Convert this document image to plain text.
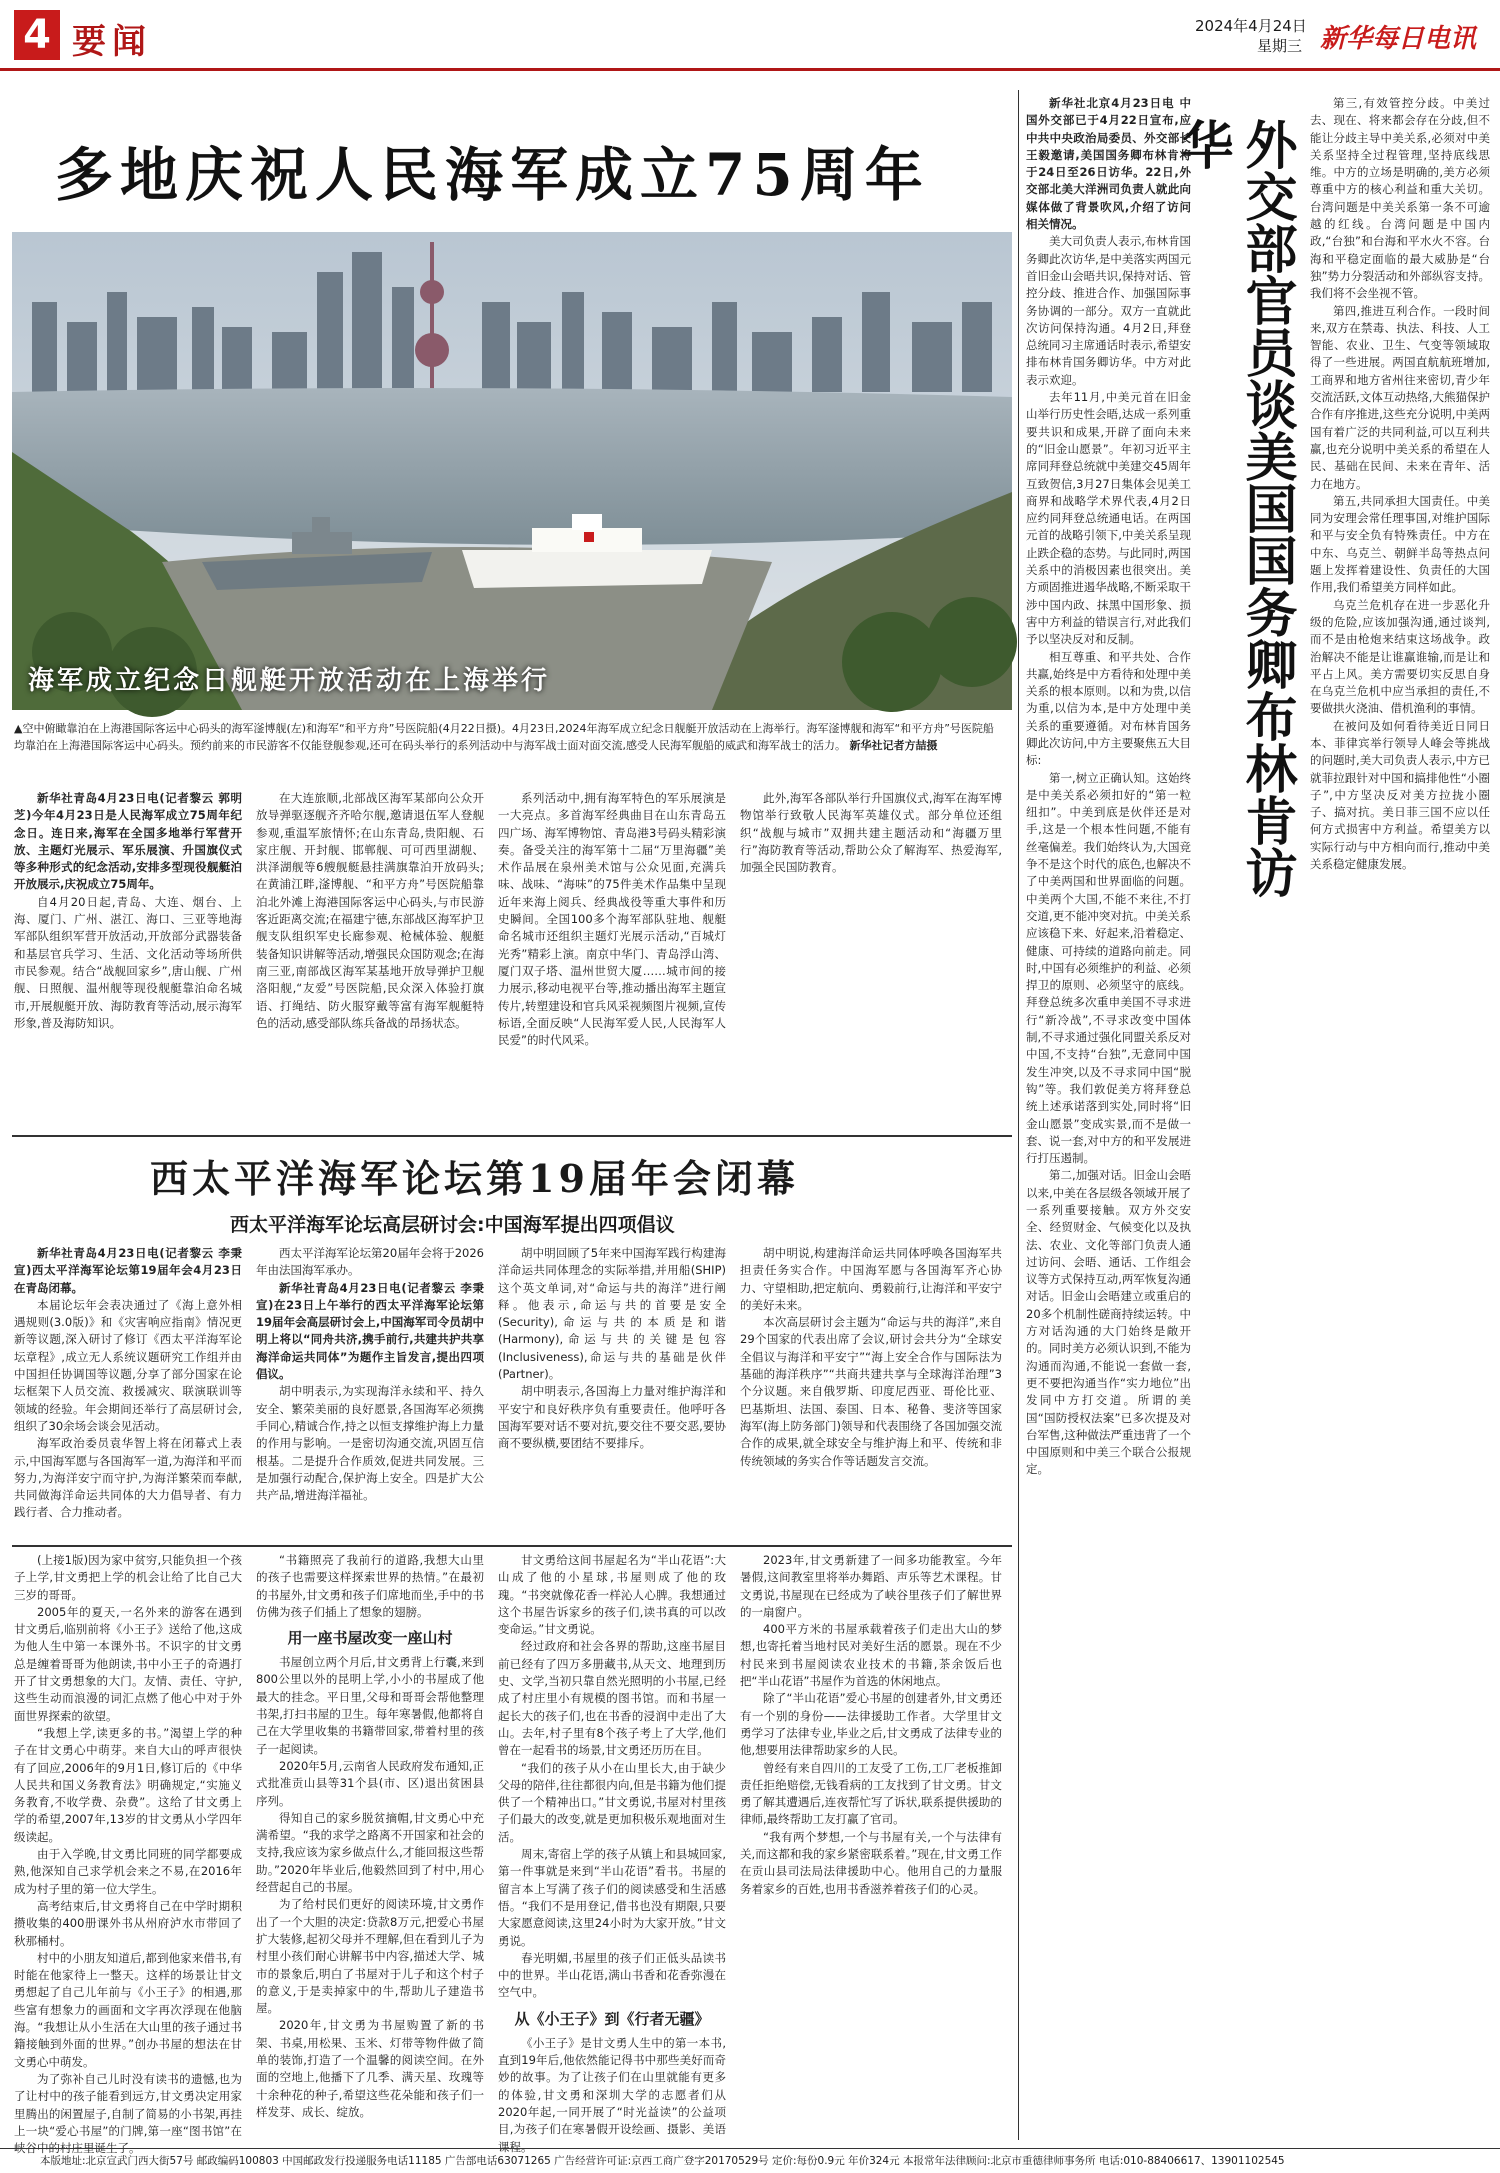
4 要闻	2024年4月24日
星期三 新华每日电讯
多地庆祝人民海军成立75周年
海军成立纪念日舰艇开放活动在上海举行
▲空中俯瞰靠泊在上海港国际客运中心码头的海军滏博舰(左)和海军“和平方舟”号医院船(4月22日摄)。4月23日,2024年海军成立纪念日舰艇开放活动在上海举行。海军滏博舰和海军“和平方舟”号医院船均靠泊在上海港国际客运中心码头。预约前来的市民游客不仅能登舰参观,还可在码头举行的系列活动中与海军战士面对面交流,感受人民海军舰船的威武和海军战士的活力。 新华社记者方喆摄

新华社青岛4月23日电(记者黎云 郭明芝)今年4月23日是人民海军成立75周年纪念日。连日来,海军在全国多地举行军营开放、主题灯光展示、军乐展演、升国旗仪式等多种形式的纪念活动,安排多型现役舰艇泊开放展示,庆祝成立75周年。

自4月20日起,青岛、大连、烟台、上海、厦门、广州、湛江、海口、三亚等地海军部队组织军营开放活动,开放部分武器装备和基层官兵学习、生活、文化活动等场所供市民参观。结合“战舰回家乡”,唐山舰、广州舰、日照舰、温州舰等现役舰艇靠泊命名城市,开展舰艇开放、海防教育等活动,展示海军形象,普及海防知识。

在大连旅顺,北部战区海军某部向公众开放导弹驱逐舰齐齐哈尔舰,邀请退伍军人登舰参观,重温军旅情怀;在山东青岛,贵阳舰、石家庄舰、开封舰、邯郸舰、可可西里湖舰、洪泽湖舰等6艘舰艇悬挂满旗靠泊开放码头;在黄浦江畔,滏博舰、“和平方舟”号医院船靠泊北外滩上海港国际客运中心码头,与市民游客近距离交流;在福建宁德,东部战区海军护卫舰支队组织军史长廊参观、枪械体验、舰艇装备知识讲解等活动,增强民众国防观念;在海南三亚,南部战区海军某基地开放导弹护卫舰洛阳舰,“友爱”号医院船,民众深入体验打旗语、打绳结、防火服穿戴等富有海军舰艇特色的活动,感受部队练兵备战的昂扬状态。

系列活动中,拥有海军特色的军乐展演是一大亮点。多首海军经典曲目在山东青岛五四广场、海军博物馆、青岛港3号码头精彩演奏。备受关注的海军第十二届“万里海疆”美术作品展在泉州美术馆与公众见面,充满兵味、战味、“海味”的75件美术作品集中呈现近年来海上阅兵、经典战役等重大事件和历史瞬间。全国100多个海军部队驻地、舰艇命名城市还组织主题灯光展示活动,“百城灯光秀”精彩上演。南京中华门、青岛浮山湾、厦门双子塔、温州世贸大厦……城市间的接力展示,移动电视平台等,推动播出海军主题宣传片,转塑建设和官兵风采视频图片视频,宣传标语,全面反映“人民海军爱人民,人民海军人民爱”的时代风采。

此外,海军各部队举行升国旗仪式,海军在海军博物馆举行致敬人民海军英雄仪式。部分单位还组织“战舰与城市”双拥共建主题活动和“海疆万里行”海防教育等活动,帮助公众了解海军、热爱海军,加强全民国防教育。

西太平洋海军论坛第19届年会闭幕
西太平洋海军论坛高层研讨会:中国海军提出四项倡议

新华社青岛4月23日电(记者黎云 李秉宣)西太平洋海军论坛第19届年会4月23日在青岛闭幕。

本届论坛年会表决通过了《海上意外相遇规则(3.0版)》和《灾害响应指南》情况更新等议题,深入研讨了修订《西太平洋海军论坛章程》,成立无人系统议题研究工作组并由中国担任协调国等议题,分享了部分国家在论坛框架下人员交流、救援减灾、联演联训等领域的经验。年会期间还举行了高层研讨会,组织了30余场会谈会见活动。

海军政治委员袁华智上将在闭幕式上表示,中国海军愿与各国海军一道,为海洋和平而努力,为海洋安宁而守护,为海洋繁荣而奉献,共同做海洋命运共同体的大力倡导者、有力践行者、合力推动者。

西太平洋海军论坛第20届年会将于2026年由法国海军承办。

新华社青岛4月23日电(记者黎云 李秉宣)在23日上午举行的西太平洋海军论坛第19届年会高层研讨会上,中国海军司令员胡中明上将以“同舟共济,携手前行,共建共护共享海洋命运共同体”为题作主旨发言,提出四项倡议。

胡中明表示,为实现海洋永续和平、持久安全、繁荣美丽的良好愿景,各国海军必须携手同心,精诚合作,持之以恒支撑维护海上力量的作用与影响。一是密切沟通交流,巩固互信根基。二是提升合作质效,促进共同发展。三是加强行动配合,保护海上安全。四是扩大公共产品,增进海洋福祉。

胡中明回顾了5年来中国海军践行构建海洋命运共同体理念的实际举措,并用船(SHIP)这个英文单词,对“命运与共的海洋”进行阐释。他表示,命运与共的首要是安全(Security),命运与共的本质是和谐(Harmony),命运与共的关键是包容(Inclusiveness),命运与共的基础是伙伴(Partner)。

胡中明表示,各国海上力量对维护海洋和平安宁和良好秩序负有重要责任。他呼吁各国海军要对话不要对抗,要交往不要交恶,要协商不要纵横,要团结不要排斥。

胡中明说,构建海洋命运共同体呼唤各国海军共担责任务实合作。中国海军愿与各国海军齐心协力、守望相助,把定航向、勇毅前行,让海洋和平安宁的美好未来。

本次高层研讨会主题为“命运与共的海洋”,来自29个国家的代表出席了会议,研讨会共分为“全球安全倡议与海洋和平安宁”“海上安全合作与国际法为基础的海洋秩序”“共商共建共享与全球海洋治理”3个分议题。来自俄罗斯、印度尼西亚、哥伦比亚、巴基斯坦、法国、泰国、日本、秘鲁、斐济等国家海军(海上防务部门)领导和代表围绕了各国加强交流合作的成果,就全球安全与维护海上和平、传统和非传统领域的务实合作等话题发言交流。

(上接1版)因为家中贫穷,只能负担一个孩子上学,甘文勇把上学的机会让给了比自己大三岁的哥哥。

2005年的夏天,一名外来的游客在遇到甘文勇后,临别前将《小王子》送给了他,这成为他人生中第一本课外书。不识字的甘文勇总是缠着哥哥为他朗读,书中小王子的奇遇打开了甘文勇想象的大门。友情、责任、守护,这些生动而浪漫的词汇点燃了他心中对于外面世界探索的欲望。

“我想上学,读更多的书。”渴望上学的种子在甘文勇心中萌芽。来自大山的呼声很快有了回应,2006年的9月1日,修订后的《中华人民共和国义务教育法》明确规定,“实施义务教育,不收学费、杂费”。这给了甘文勇上学的希望,2007年,13岁的甘文勇从小学四年级读起。

由于入学晚,甘文勇比同班的同学都要成熟,他深知自己求学机会来之不易,在2016年成为村子里的第一位大学生。

高考结束后,甘文勇将自己在中学时期积攒收集的400册课外书从州府泸水市带回了秋那桶村。

村中的小朋友知道后,都到他家来借书,有时能在他家待上一整天。这样的场景让甘文勇想起了自己儿年前与《小王子》的相遇,那些富有想象力的画面和文字再次浮现在他脑海。“我想让从小生活在大山里的孩子通过书籍接触到外面的世界。”创办书屋的想法在甘文勇心中萌发。

为了弥补自己儿时没有读书的遗憾,也为了让村中的孩子能看到远方,甘文勇决定用家里腾出的闲置屋子,自制了简易的小书架,再挂上一块“爱心书屋”的门牌,第一座“图书馆”在峡谷中的村庄里诞生了。

“书籍照亮了我前行的道路,我想大山里的孩子也需要这样探索世界的热情。”在最初的书屋外,甘文勇和孩子们席地而坐,手中的书仿佛为孩子们插上了想象的翅膀。

用一座书屋改变一座山村

书屋创立两个月后,甘文勇背上行囊,来到800公里以外的昆明上学,小小的书屋成了他最大的挂念。平日里,父母和哥哥会帮他整理书架,打扫书屋的卫生。每年寒暑假,他都将自己在大学里收集的书籍带回家,带着村里的孩子一起阅读。

2020年5月,云南省人民政府发布通知,正式批准贡山县等31个县(市、区)退出贫困县序列。

得知自己的家乡脱贫摘帽,甘文勇心中充满希望。“我的求学之路离不开国家和社会的支持,我应该为家乡做点什么,才能回报这些帮助。”2020年毕业后,他毅然回到了村中,用心经营起自己的书屋。

为了给村民们更好的阅读环境,甘文勇作出了一个大胆的决定:贷款8万元,把爱心书屋扩大装修,起初父母并不理解,但在看到儿子为村里小孩们耐心讲解书中内容,描述大学、城市的景象后,明白了书屋对于儿子和这个村子的意义,于是卖掉家中的牛,帮助儿子建造书屋。

2020年,甘文勇为书屋购置了新的书架、书桌,用松果、玉米、灯带等物件做了简单的装饰,打造了一个温馨的阅读空间。在外面的空地上,他播下了几季、满天星、玫瑰等十余种花的种子,希望这些花朵能和孩子们一样发芽、成长、绽放。

甘文勇给这间书屋起名为“半山花语”:大山成了他的小星球,书屋则成了他的玫瑰。“书突就像花香一样沁人心脾。我想通过这个书屋告诉家乡的孩子们,读书真的可以改变命运。”甘文勇说。

经过政府和社会各界的帮助,这座书屋目前已经有了四万多册藏书,从天文、地理到历史、文学,当初只靠自然光照明的小书屋,已经成了村庄里小有规模的图书馆。而和书屋一起长大的孩子们,也在书香的浸润中走出了大山。去年,村子里有8个孩子考上了大学,他们曾在一起看书的场景,甘文勇还历历在目。

“我们的孩子从小在山里长大,由于缺少父母的陪伴,往往都很内向,但是书籍为他们提供了一个精神出口。”甘文勇说,书屋对村里孩子们最大的改变,就是更加积极乐观地面对生活。

周末,寄宿上学的孩子从镇上和县城回家,第一件事就是来到“半山花语”看书。书屋的留言本上写满了孩子们的阅读感受和生活感悟。“我们不是用登记,借书也没有期限,只要大家愿意阅读,这里24小时为大家开放。”甘文勇说。

春光明媚,书屋里的孩子们正低头品读书中的世界。半山花语,满山书香和花香弥漫在空气中。

从《小王子》到《行者无疆》

《小王子》是甘文勇人生中的第一本书,直到19年后,他依然能记得书中那些美好而奇妙的故事。为了让孩子们在山里就能有更多的体验,甘文勇和深圳大学的志愿者们从2020年起,一同开展了“时光益读”的公益项目,为孩子们在寒暑假开设绘画、摄影、美语课程。

2023年,甘文勇新建了一间多功能教室。今年暑假,这间教室里将举办舞蹈、声乐等艺术课程。甘文勇说,书屋现在已经成为了峡谷里孩子们了解世界的一扇窗户。

400平方米的书屋承载着孩子们走出大山的梦想,也寄托着当地村民对美好生活的愿景。现在不少村民来到书屋阅读农业技术的书籍,茶余饭后也把“半山花语”书屋作为首选的休闲地点。

除了“半山花语”爱心书屋的创建者外,甘文勇还有一个别的身份——法律援助工作者。大学里甘文勇学习了法律专业,毕业之后,甘文勇成了法律专业的他,想要用法律帮助家乡的人民。

曾经有来自四川的工友受了工伤,工厂老板推卸责任拒绝赔偿,无钱看病的工友找到了甘文勇。甘文勇了解其遭遇后,连夜帮忙写了诉状,联系提供援助的律师,最终帮助工友打赢了官司。

“我有两个梦想,一个与书屋有关,一个与法律有关,而这都和我的家乡紧密联系着。”现在,甘文勇工作在贡山县司法局法律援助中心。他用自己的力量服务着家乡的百姓,也用书香滋养着孩子们的心灵。

外交部官员谈美国国务卿布林肯访华

新华社北京4月23日电 中国外交部已于4月22日宣布,应中共中央政治局委员、外交部长王毅邀请,美国国务卿布林肯将于24日至26日访华。22日,外交部北美大洋洲司负责人就此向媒体做了背景吹风,介绍了访问相关情况。

美大司负责人表示,布林肯国务卿此次访华,是中美落实两国元首旧金山会晤共识,保持对话、管控分歧、推进合作、加强国际事务协调的一部分。双方一直就此次访问保持沟通。4月2日,拜登总统同习主席通话时表示,希望安排布林肯国务卿访华。中方对此表示欢迎。

去年11月,中美元首在旧金山举行历史性会晤,达成一系列重要共识和成果,开辟了面向未来的“旧金山愿景”。年初习近平主席同拜登总统就中美建交45周年互致贺信,3月27日集体会见美工商界和战略学术界代表,4月2日应约同拜登总统通电话。在两国元首的战略引领下,中美关系呈现止跌企稳的态势。与此同时,两国关系中的消极因素也很突出。美方顽固推进遏华战略,不断采取干涉中国内政、抹黑中国形象、损害中方利益的错误言行,对此我们予以坚决反对和反制。

相互尊重、和平共处、合作共赢,始终是中方看待和处理中美关系的根本原则。以和为贵,以信为重,以信为本,是中方处理中美关系的重要遵循。对布林肯国务卿此次访问,中方主要聚焦五大目标:

第一,树立正确认知。这始终是中美关系必须扣好的“第一粒纽扣”。中美到底是伙伴还是对手,这是一个根本性问题,不能有丝毫偏差。我们始终认为,大国竞争不是这个时代的底色,也解决不了中美两国和世界面临的问题。中美两个大国,不能不来往,不打交道,更不能冲突对抗。中美关系应该稳下来、好起来,沿着稳定、健康、可持续的道路向前走。同时,中国有必须维护的利益、必须捍卫的原则、必须坚守的底线。拜登总统多次重申美国不寻求进行“新冷战”,不寻求改变中国体制,不寻求通过强化同盟关系反对中国,不支持“台独”,无意同中国发生冲突,以及不寻求同中国“脱钩”等。我们敦促美方将拜登总统上述承诺落到实处,同时将“旧金山愿景”变成实景,而不是做一套、说一套,对中方的和平发展进行打压遏制。

第二,加强对话。旧金山会晤以来,中美在各层级各领域开展了一系列重要接触。双方外交安全、经贸财金、气候变化以及执法、农业、文化等部门负责人通过访问、会晤、通话、工作组会议等方式保持互动,两军恢复沟通对话。旧金山会晤建立或重启的20多个机制性磋商持续运转。中方对话沟通的大门始终是敞开的。同时美方必须认识到,不能为沟通而沟通,不能说一套做一套,更不要把沟通当作“实力地位”出发同中方打交道。所谓的美国“国防授权法案”已多次提及对台军售,这种做法严重违背了一个中国原则和中美三个联合公报规定。

第三,有效管控分歧。中美过去、现在、将来都会存在分歧,但不能让分歧主导中美关系,必须对中美关系坚持全过程管理,坚持底线思维。中方的立场是明确的,美方必须尊重中方的核心利益和重大关切。台湾问题是中美关系第一条不可逾越的红线。台湾问题是中国内政,“台独”和台海和平水火不容。台海和平稳定面临的最大威胁是“台独”势力分裂活动和外部纵容支持。我们将不会坐视不管。

第四,推进互利合作。一段时间来,双方在禁毒、执法、科技、人工智能、农业、卫生、气变等领域取得了一些进展。两国直航航班增加,工商界和地方省州往来密切,青少年交流活跃,文体互动热络,大熊猫保护合作有序推进,这些充分说明,中美两国有着广泛的共同利益,可以互利共赢,也充分说明中美关系的希望在人民、基础在民间、未来在青年、活力在地方。

第五,共同承担大国责任。中美同为安理会常任理事国,对维护国际和平与安全负有特殊责任。中方在中东、乌克兰、朝鲜半岛等热点问题上发挥着建设性、负责任的大国作用,我们希望美方同样如此。

乌克兰危机存在进一步恶化升级的危险,应该加强沟通,通过谈判,而不是由枪炮来结束这场战争。政治解决不能是让谁赢谁输,而是让和平占上风。美方需要切实反思自身在乌克兰危机中应当承担的责任,不要做拱火浇油、借机渔利的事情。

在被问及如何看待美近日同日本、菲律宾举行领导人峰会等挑战的问题时,美大司负责人表示,中方已就菲拉跟针对中国和搞排他性“小圈子”,中方坚决反对美方拉拢小圈子、搞对抗。美日菲三国不应以任何方式损害中方利益。希望美方以实际行动与中方相向而行,推动中美关系稳定健康发展。

本版地址:北京宣武门西大街57号 邮政编码100803 中国邮政发行投递服务电话11185 广告部电话63071265 广告经营许可证:京西工商广登字20170529号 定价:每份0.9元 年价324元 本报常年法律顾问:北京市重德律师事务所 电话:010-88406617、13901102545
